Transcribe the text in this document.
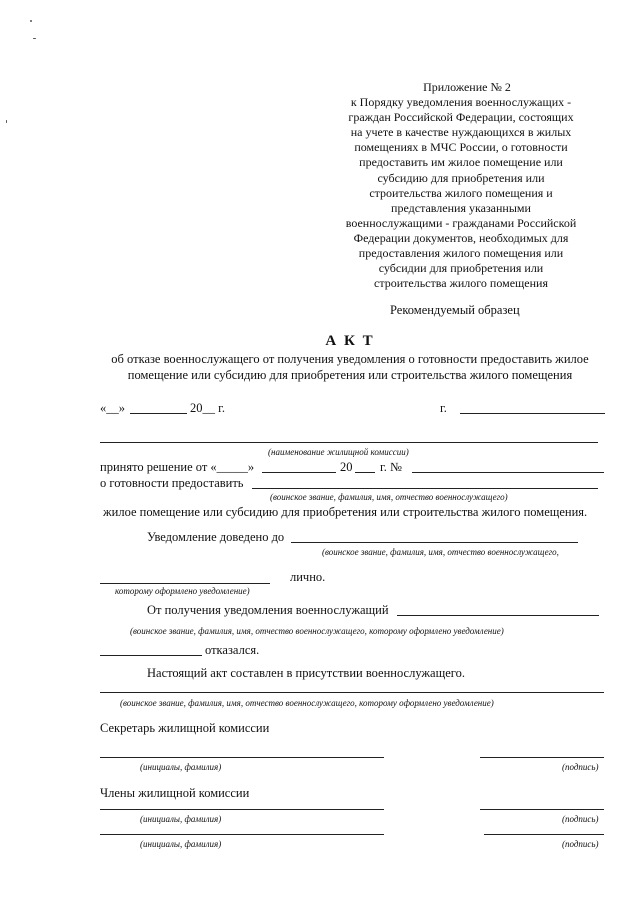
Приложение № 2
к Порядку уведомления военнослужащих -
граждан Российской Федерации, состоящих
на учете в качестве нуждающихся в жилых
помещениях в МЧС России, о готовности
предоставить им жилое помещение или
субсидию для приобретения или
строительства жилого помещения и
представления указанными
военнослужащими - гражданами Российской
Федерации документов, необходимых для
предоставления жилого помещения или
субсидии для приобретения или
строительства жилого помещения
Рекомендуемый образец
А К Т
об отказе военнослужащего от получения уведомления о готовности предоставить жилое
помещение или субсидию для приобретения или строительства жилого помещения
«__»	20__ г.	г.
(наименование жилищной комиссии)
принято решение от «_____»	20 г. №
о готовности предоставить
(воинское звание, фамилия, имя, отчество военнослужащего)
жилое помещение или субсидию для приобретения или строительства жилого помещения.
Уведомление доведено до
(воинское звание, фамилия, имя, отчество военнослужащего,
лично.
которому оформлено уведомление)
От получения уведомления военнослужащий
(воинское звание, фамилия, имя, отчество военнослужащего, которому оформлено уведомление)
отказался.
Настоящий акт составлен в присутствии военнослужащего.
(воинское звание, фамилия, имя, отчество военнослужащего, которому оформлено уведомление)
Секретарь жилищной комиссии
(инициалы, фамилия)	(подпись)
Члены жилищной комиссии
(инициалы, фамилия)	(подпись)
(инициалы, фамилия)	(подпись)
